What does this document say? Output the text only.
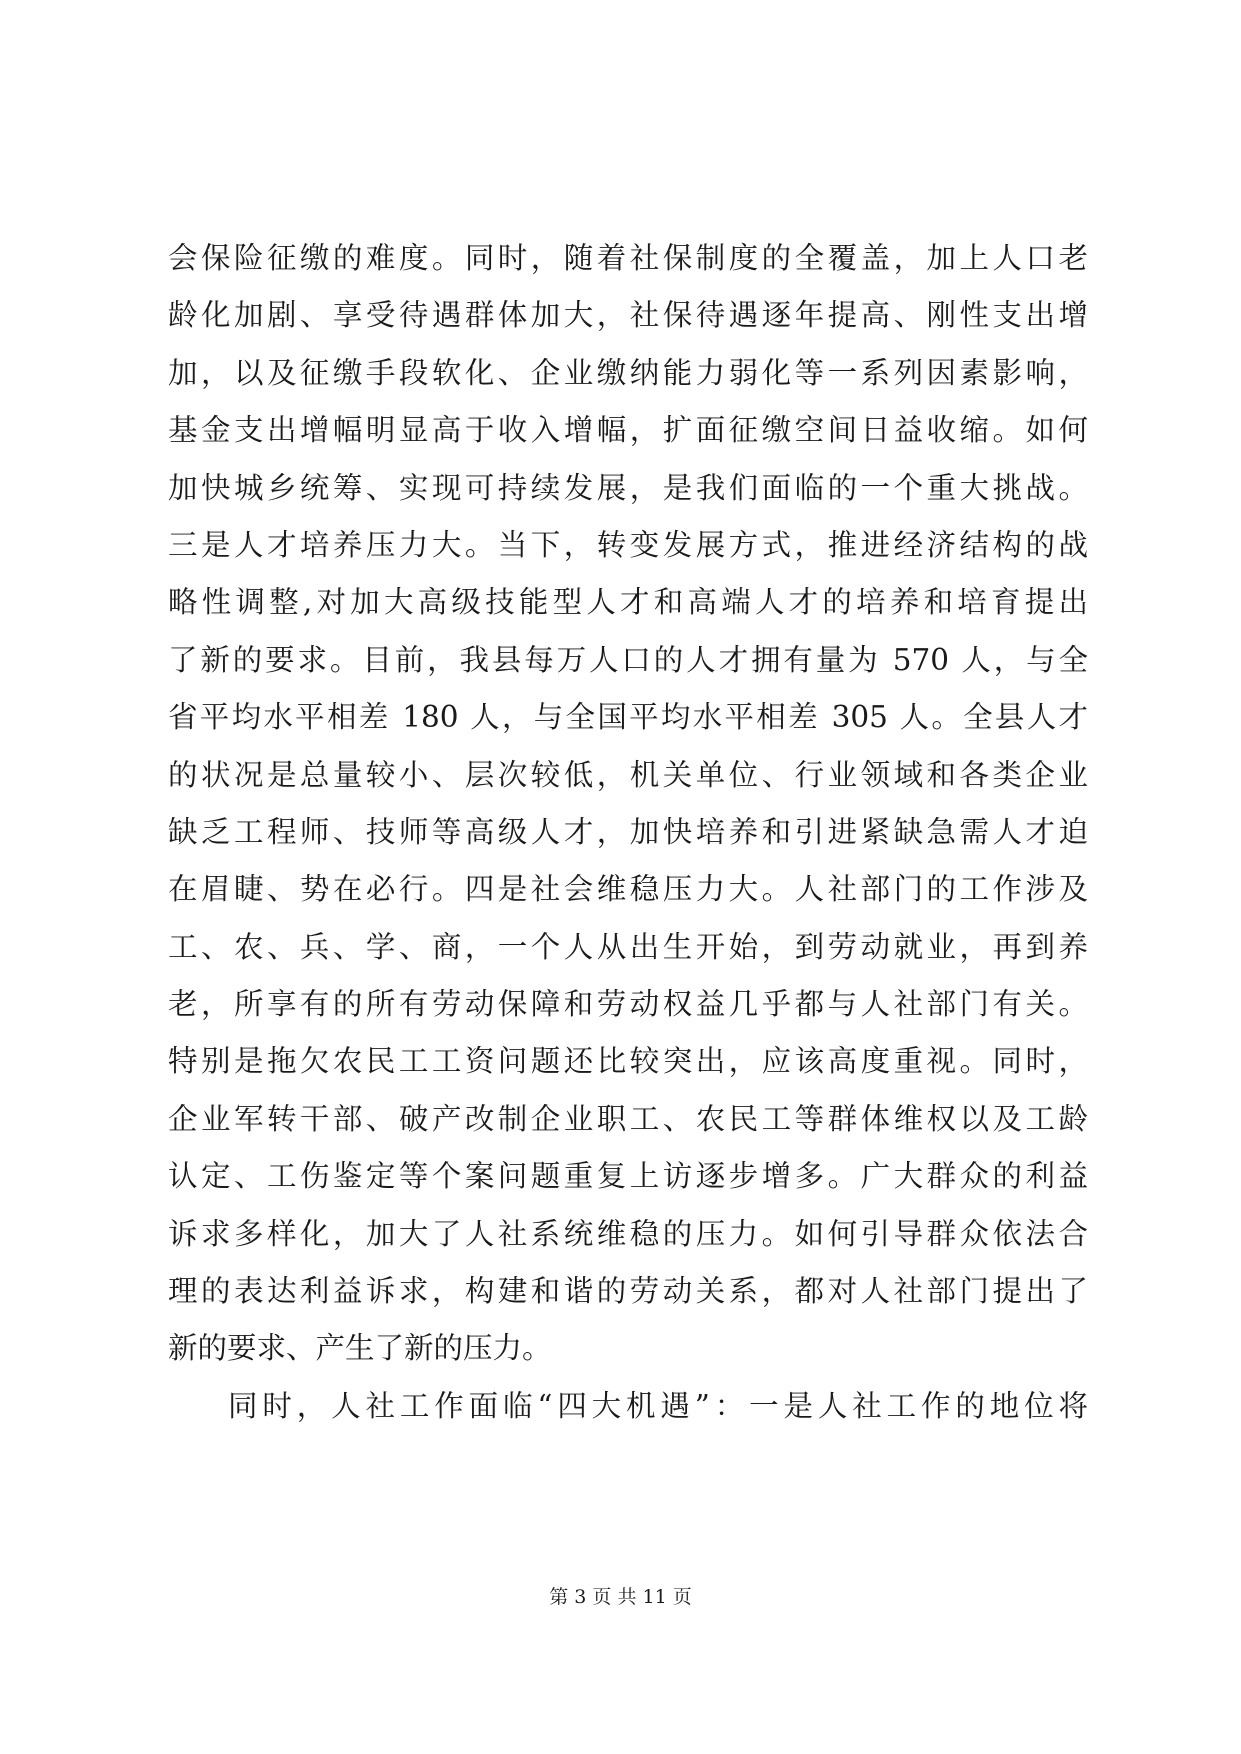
会保险征缴的难度。同时，随着社保制度的全覆盖，加上人口老
龄化加剧、享受待遇群体加大，社保待遇逐年提高、刚性支出增
加，以及征缴手段软化、企业缴纳能力弱化等一系列因素影响，
基金支出增幅明显高于收入增幅，扩面征缴空间日益收缩。如何
加快城乡统筹、实现可持续发展，是我们面临的一个重大挑战。
三是人才培养压力大。当下，转变发展方式，推进经济结构的战
略性调整,对加大高级技能型人才和高端人才的培养和培育提出
了新的要求。目前，我县每万人口的人才拥有量为 570 人，与全
省平均水平相差 180 人，与全国平均水平相差 305 人。全县人才
的状况是总量较小、层次较低，机关单位、行业领域和各类企业
缺乏工程师、技师等高级人才，加快培养和引进紧缺急需人才迫
在眉睫、势在必行。四是社会维稳压力大。人社部门的工作涉及
工、农、兵、学、商，一个人从出生开始，到劳动就业，再到养
老，所享有的所有劳动保障和劳动权益几乎都与人社部门有关。
特别是拖欠农民工工资问题还比较突出，应该高度重视。同时，
企业军转干部、破产改制企业职工、农民工等群体维权以及工龄
认定、工伤鉴定等个案问题重复上访逐步增多。广大群众的利益
诉求多样化，加大了人社系统维稳的压力。如何引导群众依法合
理的表达利益诉求，构建和谐的劳动关系，都对人社部门提出了
新的要求、产生了新的压力。
同时，人社工作面临“四大机遇”：一是人社工作的地位将
第 3 页 共 11 页
